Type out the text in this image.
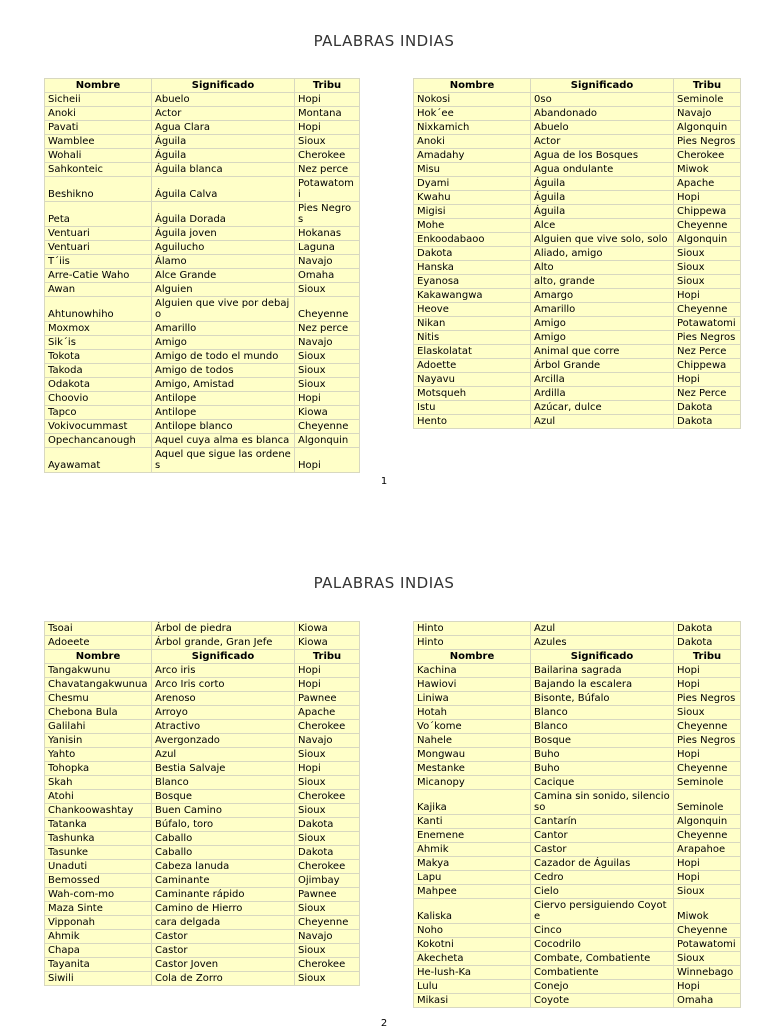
PALABRAS INDIAS
Nombre	Significado	Tribu
Sicheii	Abuelo	Hopi
Anoki	Actor	Montana
Pavati	Agua Clara	Hopi
Wamblee	Águila	Sioux
Wohali	Águila	Cherokee
Sahkonteic	Águila blanca	Nez perce
Beshikno	Águila Calva	Potawatomi
Peta	Águila Dorada	Pies Negros
Ventuari	Águila joven	Hokanas
Ventuari	Aguilucho	Laguna
T´iis	Álamo	Navajo
Arre-Catie Waho	Alce Grande	Omaha
Awan	Alguien	Sioux
Ahtunowhiho	Alguien que vive por debajo	Cheyenne
Moxmox	Amarillo	Nez perce
Sik´is	Amigo	Navajo
Tokota	Amigo de todo el mundo	Sioux
Takoda	Amigo de todos	Sioux
Odakota	Amigo, Amistad	Sioux
Choovio	Antilope	Hopi
Tapco	Antilope	Kiowa
Vokivocummast	Antilope blanco	Cheyenne
Opechancanough	Aquel cuya alma es blanca	Algonquin
Ayawamat	Aquel que sigue las ordenes	Hopi
Nombre	Significado	Tribu
Nokosi	0so	Seminole
Hok´ee	Abandonado	Navajo
Nixkamich	Abuelo	Algonquin
Anoki	Actor	Pies Negros
Amadahy	Agua de los Bosques	Cherokee
Misu	Agua ondulante	Miwok
Dyami	Águila	Apache
Kwahu	Águila	Hopi
Migisi	Águila	Chippewa
Mohe	Alce	Cheyenne
Enkoodabaoo	Alguien que vive solo, solo	Algonquin
Dakota	Aliado, amigo	Sioux
Hanska	Alto	Sioux
Eyanosa	alto, grande	Sioux
Kakawangwa	Amargo	Hopi
Heove	Amarillo	Cheyenne
Nikan	Amigo	Potawatomi
Nitis	Amigo	Pies Negros
Elaskolatat	Animal que corre	Nez Perce
Adoette	Árbol Grande	Chippewa
Nayavu	Arcilla	Hopi
Motsqueh	Ardilla	Nez Perce
Istu	Azúcar, dulce	Dakota
Hento	Azul	Dakota
1
PALABRAS INDIAS
Tsoai	Árbol de piedra	Kiowa
Adoeete	Árbol grande, Gran Jefe	Kiowa
Nombre	Significado	Tribu
Tangakwunu	Arco iris	Hopi
Chavatangakwunua	Arco Iris corto	Hopi
Chesmu	Arenoso	Pawnee
Chebona Bula	Arroyo	Apache
Galilahi	Atractivo	Cherokee
Yanisin	Avergonzado	Navajo
Yahto	Azul	Sioux
Tohopka	Bestia Salvaje	Hopi
Skah	Blanco	Sioux
Atohi	Bosque	Cherokee
Chankoowashtay	Buen Camino	Sioux
Tatanka	Búfalo, toro	Dakota
Tashunka	Caballo	Sioux
Tasunke	Caballo	Dakota
Unaduti	Cabeza lanuda	Cherokee
Bemossed	Caminante	Ojimbay
Wah-com-mo	Caminante rápido	Pawnee
Maza Sinte	Camino de Hierro	Sioux
Vipponah	cara delgada	Cheyenne
Ahmik	Castor	Navajo
Chapa	Castor	Sioux
Tayanita	Castor Joven	Cherokee
Siwili	Cola de Zorro	Sioux
Hinto	Azul	Dakota
Hinto	Azules	Dakota
Nombre	Significado	Tribu
Kachina	Bailarina sagrada	Hopi
Hawiovi	Bajando la escalera	Hopi
Liniwa	Bisonte, Búfalo	Pies Negros
Hotah	Blanco	Sioux
Vo´kome	Blanco	Cheyenne
Nahele	Bosque	Pies Negros
Mongwau	Buho	Hopi
Mestanke	Buho	Cheyenne
Micanopy	Cacique	Seminole
Kajika	Camina sin sonido, silencioso	Seminole
Kanti	Cantarín	Algonquin
Enemene	Cantor	Cheyenne
Ahmik	Castor	Arapahoe
Makya	Cazador de Águilas	Hopi
Lapu	Cedro	Hopi
Mahpee	Cielo	Sioux
Kaliska	Ciervo persiguiendo Coyote	Miwok
Noho	Cinco	Cheyenne
Kokotni	Cocodrilo	Potawatomi
Akecheta	Combate, Combatiente	Sioux
He-lush-Ka	Combatiente	Winnebago
Lulu	Conejo	Hopi
Mikasi	Coyote	Omaha
2
